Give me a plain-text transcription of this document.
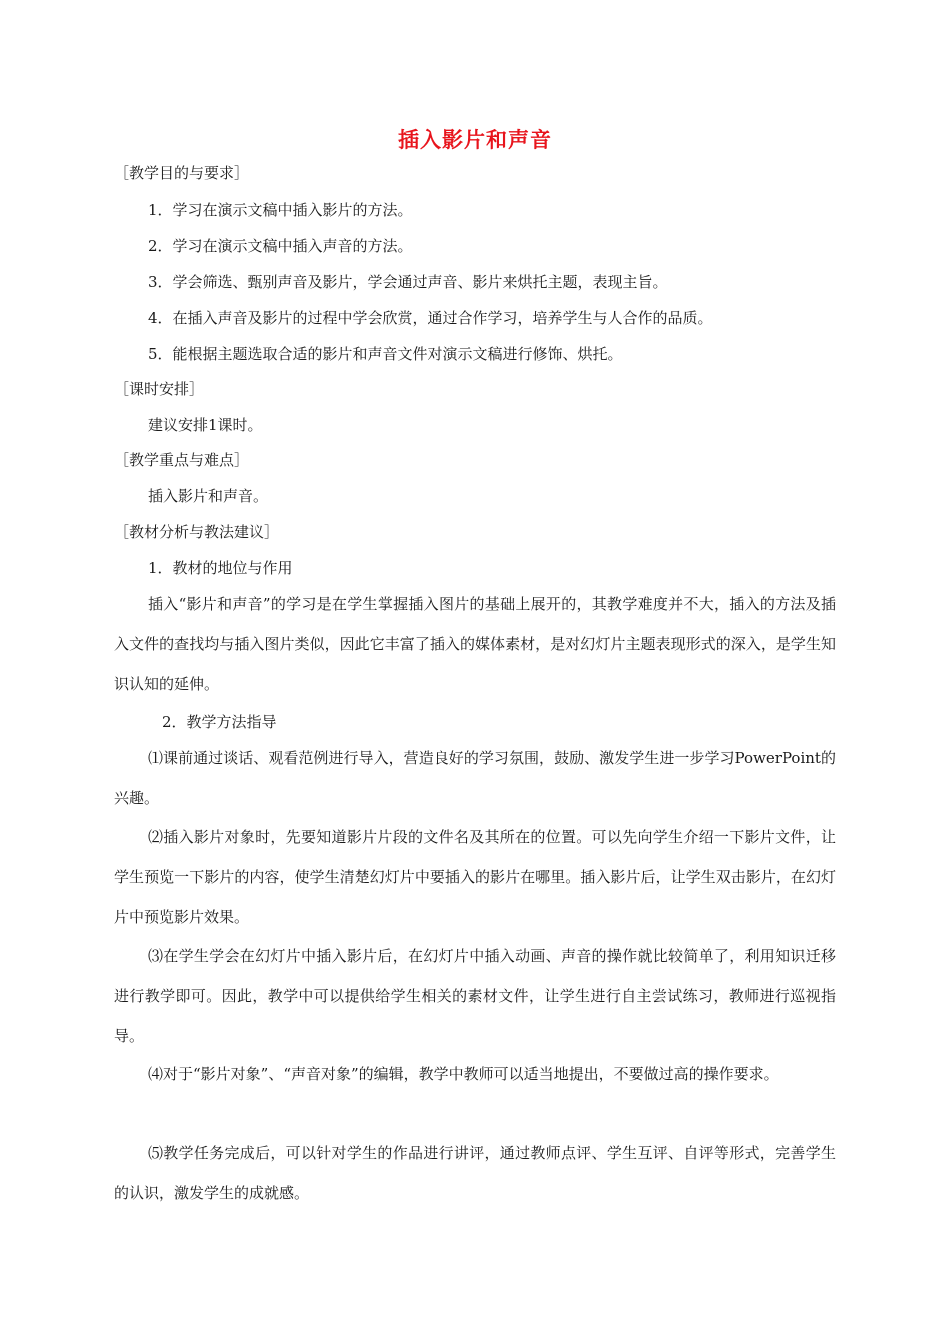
插入影片和声音
［教学目的与要求］
1．学习在演示文稿中插入影片的方法。
2．学习在演示文稿中插入声音的方法。
3．学会筛选、甄别声音及影片，学会通过声音、影片来烘托主题，表现主旨。
4．在插入声音及影片的过程中学会欣赏，通过合作学习，培养学生与人合作的品质。
5．能根据主题选取合适的影片和声音文件对演示文稿进行修饰、烘托。
［课时安排］
建议安排1课时。
［教学重点与难点］
插入影片和声音。
［教材分析与教法建议］
1．教材的地位与作用
插入“影片和声音”的学习是在学生掌握插入图片的基础上展开的，其教学难度并不大，插入的方法及插入文件的查找均与插入图片类似，因此它丰富了插入的媒体素材，是对幻灯片主题表现形式的深入，是学生知识认知的延伸。
2．教学方法指导
⑴课前通过谈话、观看范例进行导入，营造良好的学习氛围，鼓励、激发学生进一步学习PowerPoint的兴趣。
⑵插入影片对象时，先要知道影片片段的文件名及其所在的位置。可以先向学生介绍一下影片文件，让学生预览一下影片的内容，使学生清楚幻灯片中要插入的影片在哪里。插入影片后，让学生双击影片，在幻灯片中预览影片效果。
⑶在学生学会在幻灯片中插入影片后，在幻灯片中插入动画、声音的操作就比较简单了，利用知识迁移进行教学即可。因此，教学中可以提供给学生相关的素材文件，让学生进行自主尝试练习，教师进行巡视指导。
⑷对于“影片对象”、“声音对象”的编辑，教学中教师可以适当地提出，不要做过高的操作要求。
⑸教学任务完成后，可以针对学生的作品进行讲评，通过教师点评、学生互评、自评等形式，完善学生的认识，激发学生的成就感。
